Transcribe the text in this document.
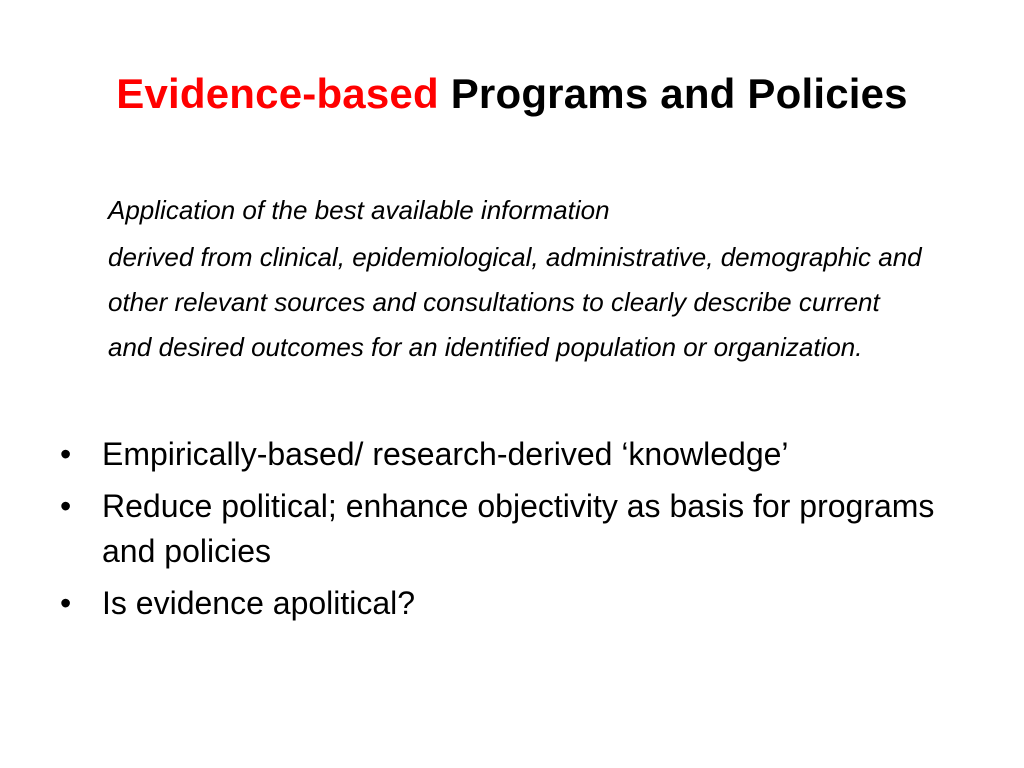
Evidence-based Programs and Policies
Application of the best available information
derived from clinical, epidemiological, administrative, demographic and other relevant sources and consultations to clearly describe current and desired outcomes for an identified population or organization.
• Empirically-based/ research-derived ‘knowledge’
• Reduce political; enhance objectivity as basis for programs and policies
• Is evidence apolitical?
